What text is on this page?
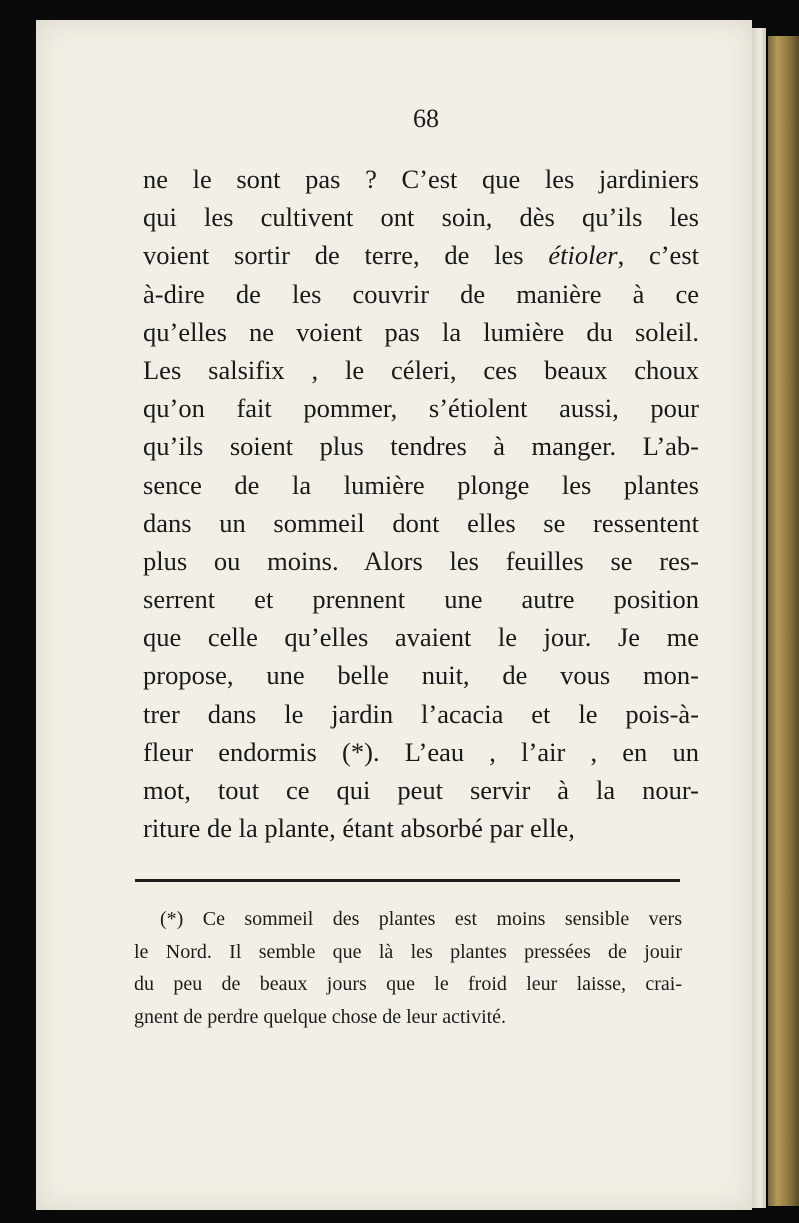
68
ne le sont pas ? C’est que les jardiniers
qui les cultivent ont soin, dès qu’ils les
voient sortir de terre, de les étioler, c’est
à-dire de les couvrir de manière à ce
qu’elles ne voient pas la lumière du soleil.
Les salsifix , le céleri, ces beaux choux
qu’on fait pommer, s’étiolent aussi, pour
qu’ils soient plus tendres à manger. L’ab-
sence de la lumière plonge les plantes
dans un sommeil dont elles se ressentent
plus ou moins. Alors les feuilles se res-
serrent et prennent une autre position
que celle qu’elles avaient le jour. Je me
propose, une belle nuit, de vous mon-
trer dans le jardin l’acacia et le pois-à-
fleur endormis (*). L’eau , l’air , en un
mot, tout ce qui peut servir à la nour-
riture de la plante, étant absorbé par elle,
(*) Ce sommeil des plantes est moins sensible vers
le Nord. Il semble que là les plantes pressées de jouir
du peu de beaux jours que le froid leur laisse, crai-
gnent de perdre quelque chose de leur activité.
